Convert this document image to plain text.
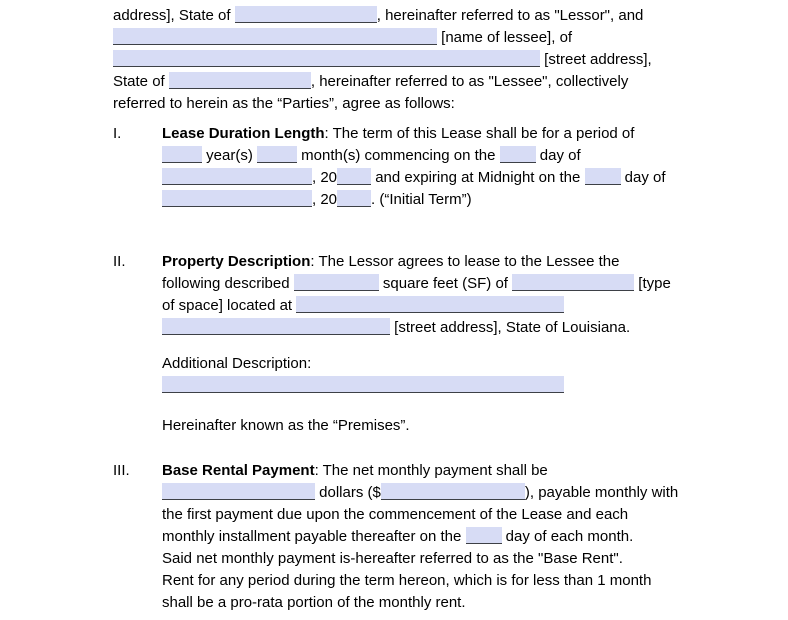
address], State of	, hereinafter referred to as "Lessor", and
[name of lessee], of
[street address],
State of	, hereinafter referred to as "Lessee", collectively
referred to herein as the “Parties”, agree as follows:
I.	Lease Duration Length: The term of this Lease shall be for a period of
year(s)	month(s) commencing on the  day of
, 20 and expiring at Midnight on the  day of
, 20 . (“Initial Term”)
II.	Property Description: The Lessor agrees to lease to the Lessee the
following described	square feet (SF) of	[type
of space] located at
[street address], State of Louisiana.
Additional Description:
Hereinafter known as the “Premises”.
III.	Base Rental Payment: The net monthly payment shall be
dollars ($	), payable monthly with
the first payment due upon the commencement of the Lease and each
monthly installment payable thereafter on the  day of each month.
Said net monthly payment is-hereafter referred to as the "Base Rent".
Rent for any period during the term hereon, which is for less than 1 month
shall be a pro-rata portion of the monthly rent.
